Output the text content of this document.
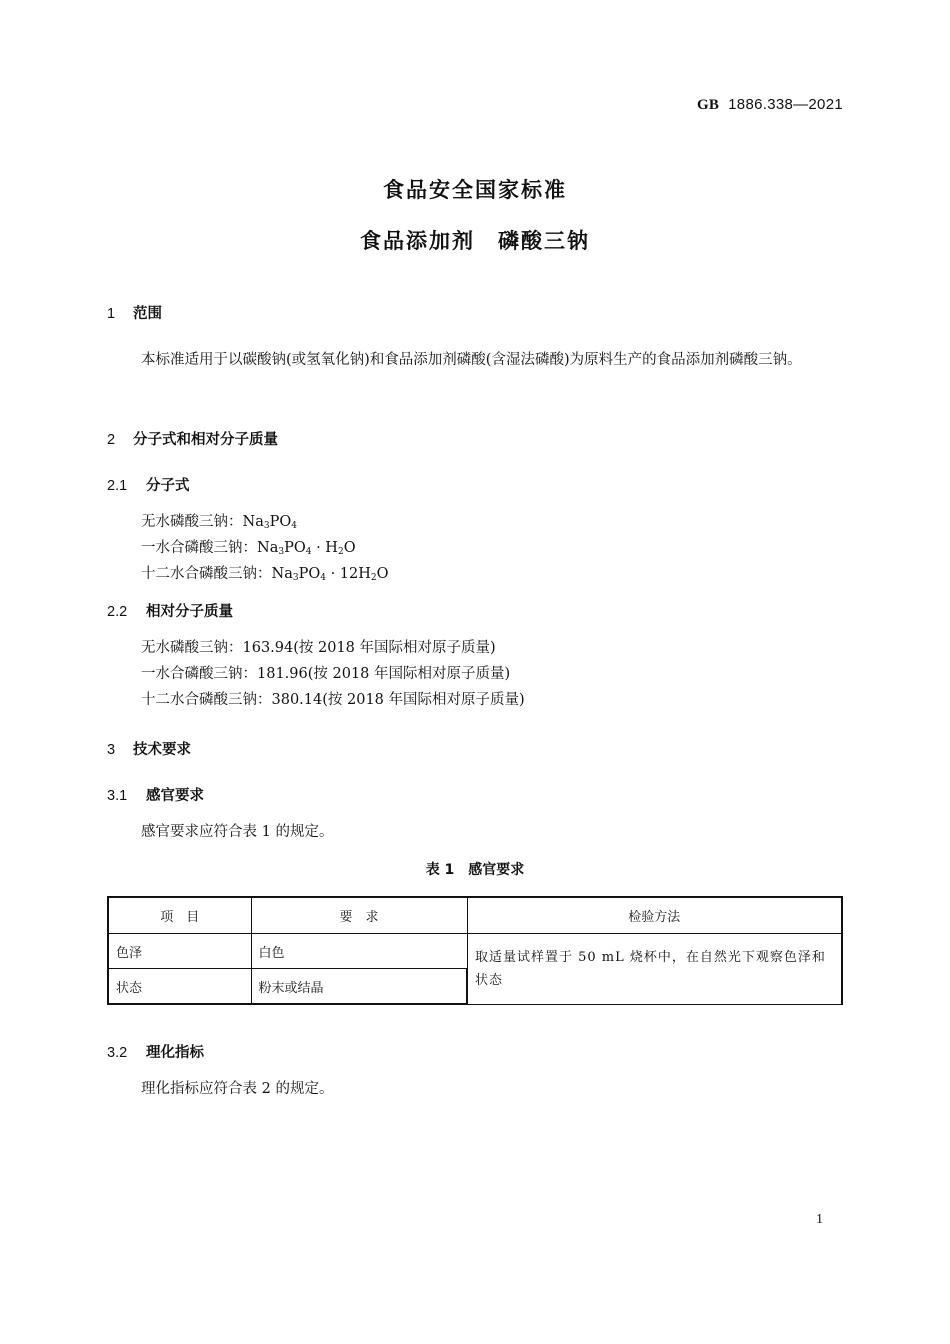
GB 1886.338—2021
食品安全国家标准
食品添加剂　磷酸三钠
1 范围
本标准适用于以碳酸钠(或氢氧化钠)和食品添加剂磷酸(含湿法磷酸)为原料生产的食品添加剂磷酸三钠。
2 分子式和相对分子质量
2.1 分子式
无水磷酸三钠：$Na_3PO_4$
一水合磷酸三钠：$Na_3PO_4 \cdot H_2O$
十二水合磷酸三钠：$Na_3PO_4 \cdot 12H_2O$
2.2 相对分子质量
无水磷酸三钠：163.94(按 2018 年国际相对原子质量)
一水合磷酸三钠：181.96(按 2018 年国际相对原子质量)
十二水合磷酸三钠：380.14(按 2018 年国际相对原子质量)
3 技术要求
3.1 感官要求
感官要求应符合表 1 的规定。
表 1　感官要求
项　目	要　求	检验方法
色泽	白色	取适量试样置于 50 mL 烧杯中，在自然光下观察色泽和状态
状态	粉末或结晶	
3.2 理化指标
理化指标应符合表 2 的规定。
1
